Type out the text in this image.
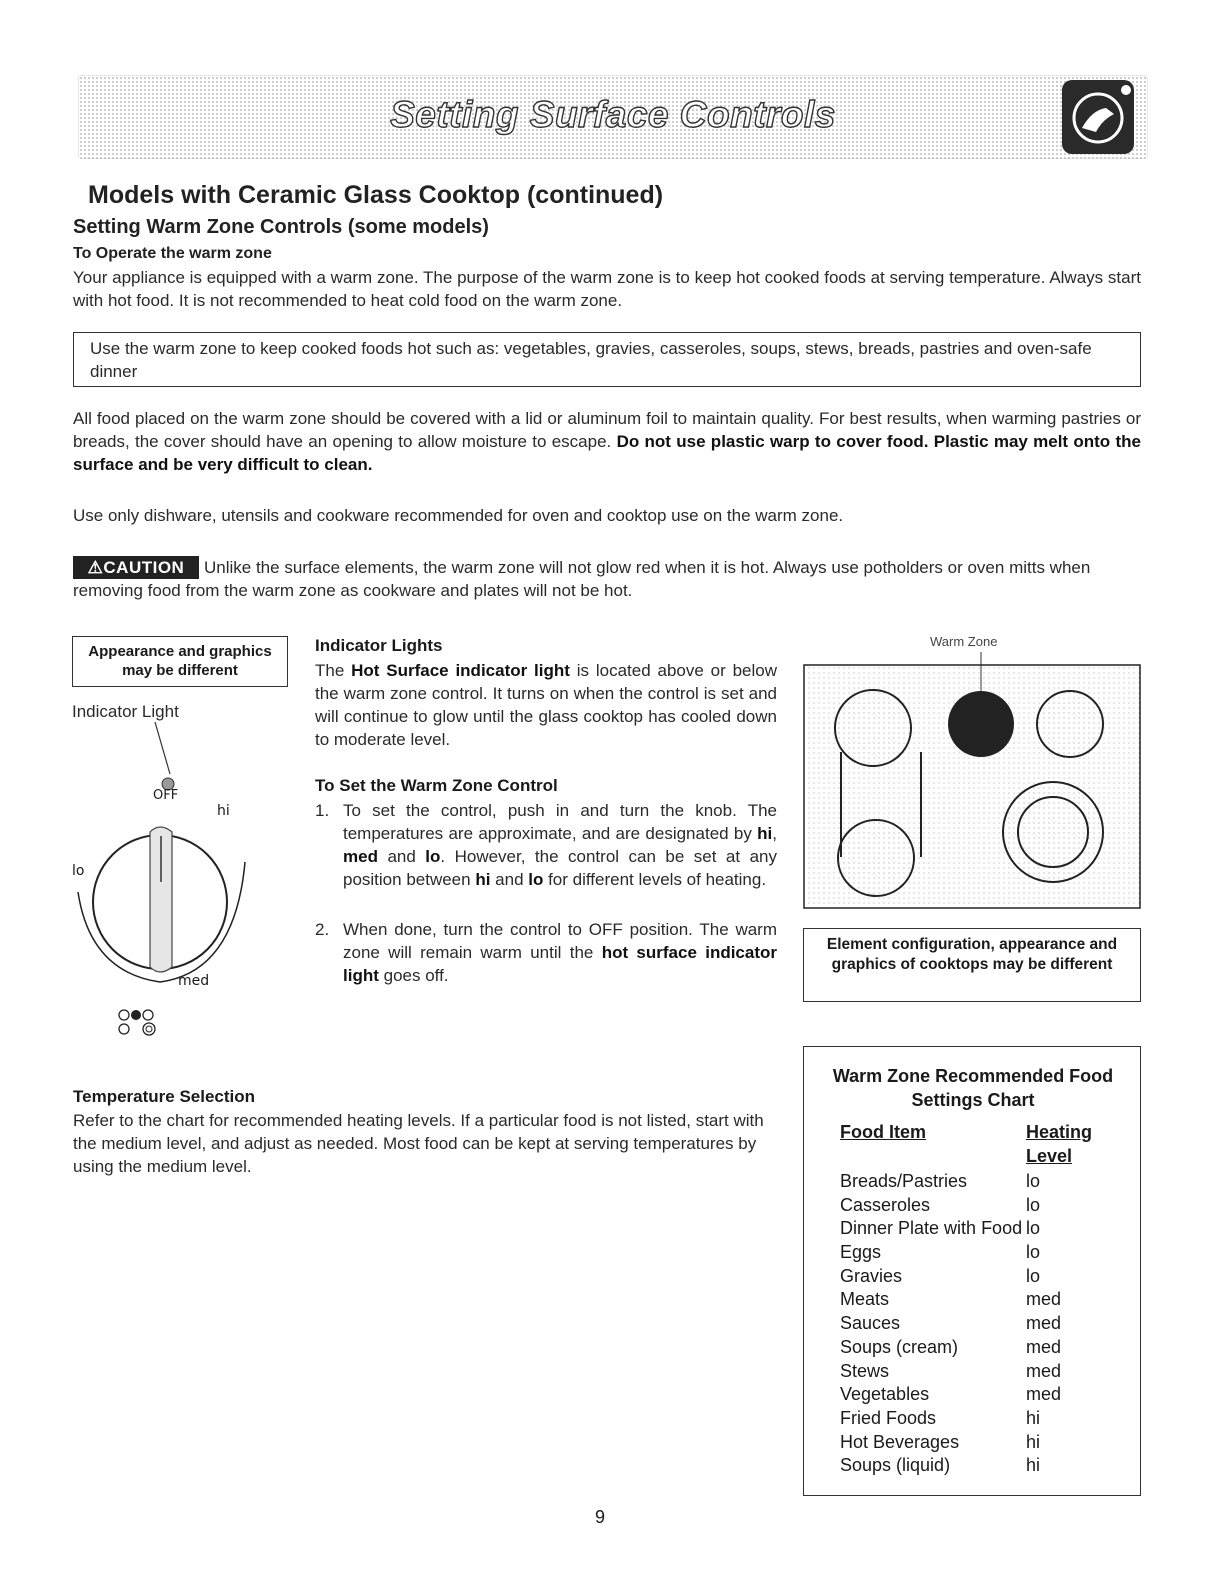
Setting Surface Controls
Models with Ceramic Glass Cooktop (continued)
Setting Warm Zone Controls (some models)
To Operate the warm zone

Your appliance is equipped with a warm zone. The purpose of the warm zone is to keep hot cooked foods at serving temperature. Always start with hot food. It is not recommended to heat cold food on the warm zone.

Use the warm zone to keep cooked foods hot such as: vegetables, gravies, casseroles, soups, stews, breads, pastries and oven-safe dinner

All food placed on the warm zone should be covered with a lid or aluminum foil to maintain quality. For best results, when warming pastries or breads, the cover should have an opening to allow moisture to escape. Do not use plastic warp to cover food. Plastic may melt onto the surface and be very difficult to clean.

Use only dishware, utensils and cookware recommended for oven and cooktop use on the warm zone.

⚠CAUTION	Unlike the surface elements, the warm zone will not glow red when it is hot. Always use potholders or oven mitts when removing food from the warm zone as cookware and plates will not be hot.

Appearance and graphics may be different
Indicator Light
OFF
hi
lo
med
Indicator Lights

The Hot Surface indicator light is located above or below the warm zone control. It turns on when the control is set and will continue to glow until the glass cooktop has cooled down to moderate level.

To Set the Warm Zone Control
1. To set the control, push in and turn the knob. The temperatures are approximate, and are designated by hi, med and lo. However, the control can be set at any position between hi and lo for different levels of heating.

2. When done, turn the control to OFF position. The warm zone will remain warm until the hot surface indicator light goes off.

Warm Zone
Element configuration, appearance and graphics of cooktops may be different
Temperature Selection

Refer to the chart for recommended heating levels. If a particular food is not listed, start with the medium level, and adjust as needed. Most food can be kept at serving temperatures by using the medium level.

Warm Zone Recommended Food Settings Chart
Food Item	Heating
Level
Breads/Pastries	lo
Casseroles	lo
Dinner Plate with Food lo
Eggs	lo
Gravies	lo
Meats	med
Sauces	med
Soups (cream)	med
Stews	med
Vegetables	med
Fried Foods	hi
Hot Beverages	hi
Soups (liquid)	hi
9
